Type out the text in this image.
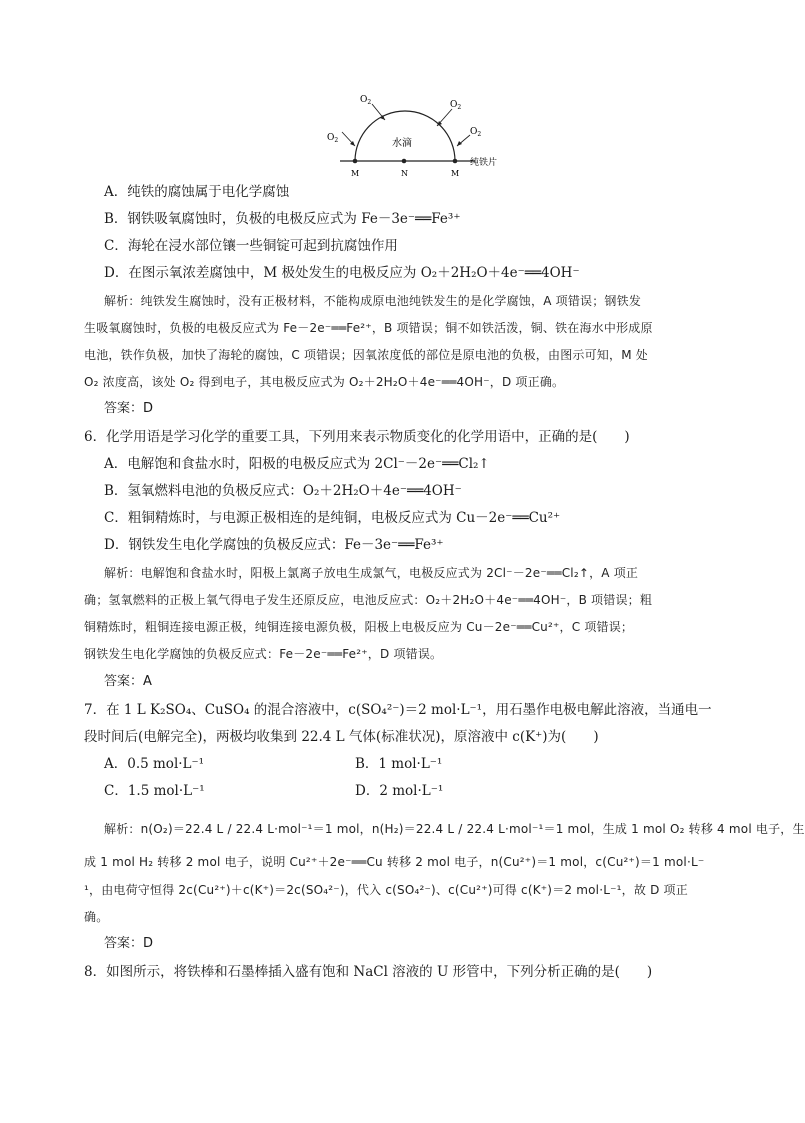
$O_2$
$O_2$	$O_2$
$O_2$
水滴
纯铁片
M	N	M
A．纯铁的腐蚀属于电化学腐蚀
B．钢铁吸氧腐蚀时，负极的电极反应式为 Fe－3e⁻══Fe³⁺
C．海轮在浸水部位镶一些铜锭可起到抗腐蚀作用
D．在图示氧浓差腐蚀中，M 极处发生的电极反应为 O₂＋2H₂O＋4e⁻══4OH⁻
解析：纯铁发生腐蚀时，没有正极材料，不能构成原电池纯铁发生的是化学腐蚀，A 项错误；钢铁发
生吸氧腐蚀时，负极的电极反应式为 Fe－2e⁻══Fe²⁺，B 项错误；铜不如铁活泼，铜、铁在海水中形成原
电池，铁作负极，加快了海轮的腐蚀，C 项错误；因氧浓度低的部位是原电池的负极，由图示可知，M 处
O₂ 浓度高，该处 O₂ 得到电子，其电极反应式为 O₂＋2H₂O＋4e⁻══4OH⁻，D 项正确。
答案：D
6．化学用语是学习化学的重要工具，下列用来表示物质变化的化学用语中，正确的是(　　)
A．电解饱和食盐水时，阳极的电极反应式为 2Cl⁻－2e⁻══Cl₂↑
B．氢氧燃料电池的负极反应式：O₂＋2H₂O＋4e⁻══4OH⁻
C．粗铜精炼时，与电源正极相连的是纯铜，电极反应式为 Cu－2e⁻══Cu²⁺
D．钢铁发生电化学腐蚀的负极反应式：Fe－3e⁻══Fe³⁺
解析：电解饱和食盐水时，阳极上氯离子放电生成氯气，电极反应式为 2Cl⁻－2e⁻══Cl₂↑，A 项正
确；氢氧燃料的正极上氧气得电子发生还原反应，电池反应式：O₂＋2H₂O＋4e⁻══4OH⁻，B 项错误；粗
铜精炼时，粗铜连接电源正极，纯铜连接电源负极，阳极上电极反应为 Cu－2e⁻══Cu²⁺，C 项错误；
钢铁发生电化学腐蚀的负极反应式：Fe－2e⁻══Fe²⁺，D 项错误。
答案：A
7．在 1 L K₂SO₄、CuSO₄ 的混合溶液中，c(SO₄²⁻)＝2 mol·L⁻¹，用石墨作电极电解此溶液，当通电一
段时间后(电解完全)，两极均收集到 22.4 L 气体(标准状况)，原溶液中 c(K⁺)为(　　)
A．0.5 mol·L⁻¹	B．1 mol·L⁻¹
C．1.5 mol·L⁻¹	D．2 mol·L⁻¹
解析：n(O₂)＝22.4 L / 22.4 L·mol⁻¹＝1 mol，n(H₂)＝22.4 L / 22.4 L·mol⁻¹＝1 mol，生成 1 mol O₂ 转移 4 mol 电子，生
成 1 mol H₂ 转移 2 mol 电子，说明 Cu²⁺＋2e⁻══Cu 转移 2 mol 电子，n(Cu²⁺)＝1 mol，c(Cu²⁺)＝1 mol·L⁻
¹，由电荷守恒得 2c(Cu²⁺)＋c(K⁺)＝2c(SO₄²⁻)，代入 c(SO₄²⁻)、c(Cu²⁺)可得 c(K⁺)＝2 mol·L⁻¹，故 D 项正
确。
答案：D
8．如图所示，将铁棒和石墨棒插入盛有饱和 NaCl 溶液的 U 形管中，下列分析正确的是(　　)
